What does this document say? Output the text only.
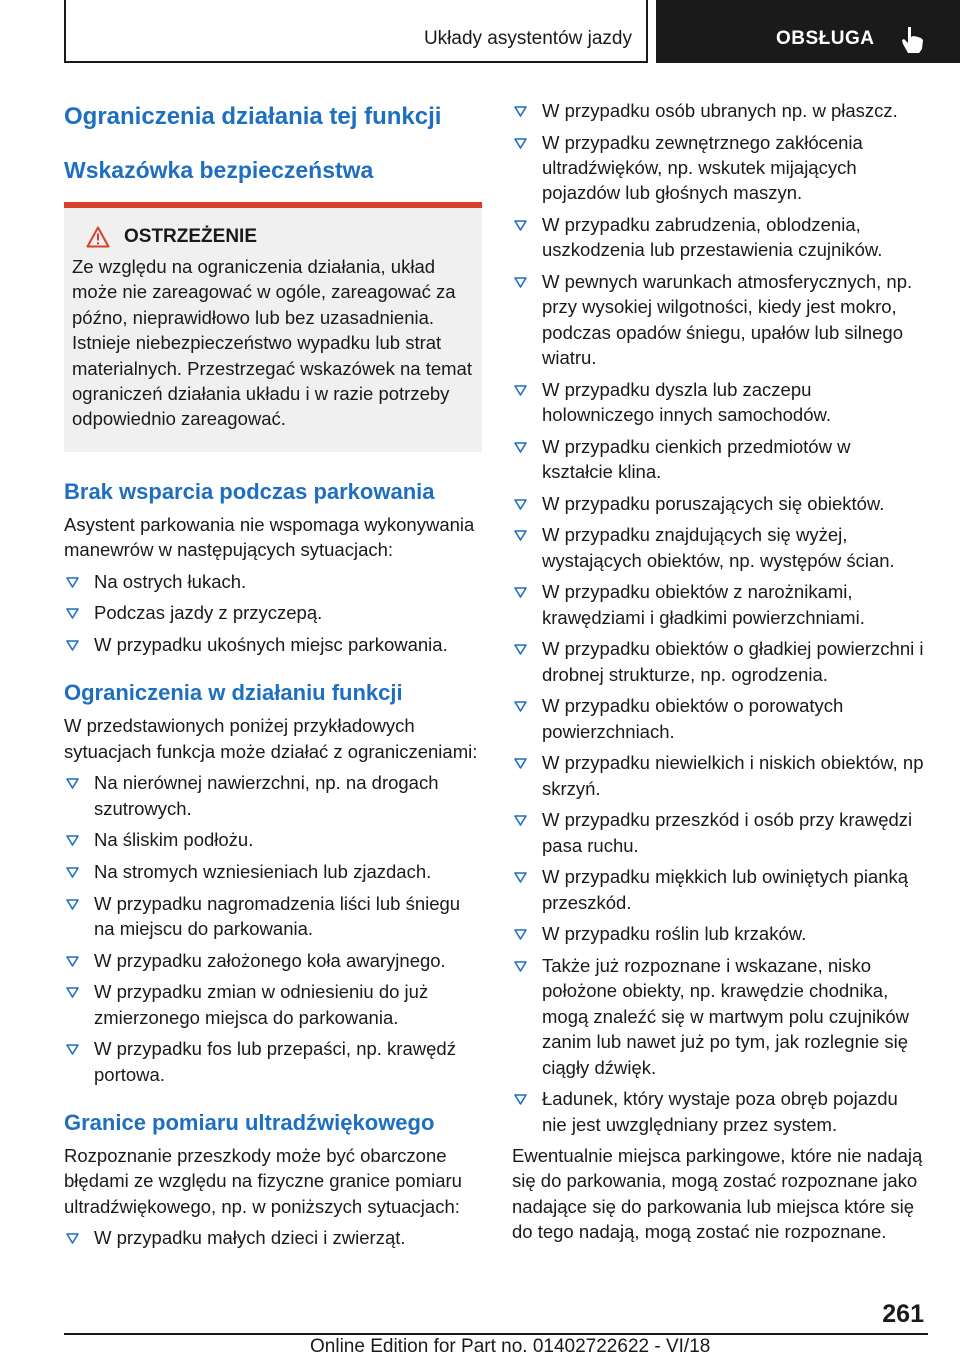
Układy asystentów jazdy	OBSŁUGA
Ograniczenia działania tej funkcji
Wskazówka bezpieczeństwa
OSTRZEŻENIE
Ze względu na ograniczenia działania, układ może nie zareagować w ogóle, zareagować za późno, nieprawidłowo lub bez uzasadnienia. Istnieje niebezpieczeństwo wypadku lub strat materialnych. Przestrzegać wskazówek na temat ograniczeń działania układu i w razie potrzeby odpowiednio zareagować.
Brak wsparcia podczas parkowania

Asystent parkowania nie wspomaga wykonywania manewrów w następujących sytuacjach:

Na ostrych łukach.
Podczas jazdy z przyczepą.
W przypadku ukośnych miejsc parkowania.
Ograniczenia w działaniu funkcji

W przedstawionych poniżej przykładowych sytuacjach funkcja może działać z ograniczeniami:

Na nierównej nawierzchni, np. na drogach szutrowych.
Na śliskim podłożu.
Na stromych wzniesieniach lub zjazdach.
W przypadku nagromadzenia liści lub śniegu na miejscu do parkowania.
W przypadku założonego koła awaryjnego.
W przypadku zmian w odniesieniu do już zmierzonego miejsca do parkowania.
W przypadku fos lub przepaści, np. krawędź portowa.
Granice pomiaru ultradźwiękowego

Rozpoznanie przeszkody może być obarczone błędami ze względu na fizyczne granice pomiaru ultradźwiękowego, np. w poniższych sytuacjach:

W przypadku małych dzieci i zwierząt.
W przypadku osób ubranych np. w płaszcz.
W przypadku zewnętrznego zakłócenia ultradźwięków, np. wskutek mijających pojazdów lub głośnych maszyn.
W przypadku zabrudzenia, oblodzenia, uszkodzenia lub przestawienia czujników.
W pewnych warunkach atmosferycznych, np. przy wysokiej wilgotności, kiedy jest mokro, podczas opadów śniegu, upałów lub silnego wiatru.
W przypadku dyszla lub zaczepu holowniczego innych samochodów.
W przypadku cienkich przedmiotów w kształcie klina.
W przypadku poruszających się obiektów.
W przypadku znajdujących się wyżej, wystających obiektów, np. występów ścian.
W przypadku obiektów z narożnikami, krawędziami i gładkimi powierzchniami.
W przypadku obiektów o gładkiej powierzchni i drobnej strukturze, np. ogrodzenia.
W przypadku obiektów o porowatych powierzchniach.
W przypadku niewielkich i niskich obiektów, np skrzyń.
W przypadku przeszkód i osób przy krawędzi pasa ruchu.
W przypadku miękkich lub owiniętych pianką przeszkód.
W przypadku roślin lub krzaków.
Także już rozpoznane i wskazane, nisko położone obiekty, np. krawędzie chodnika, mogą znaleźć się w martwym polu czujników zanim lub nawet już po tym, jak rozlegnie się ciągły dźwięk.
Ładunek, który wystaje poza obręb pojazdu nie jest uwzględniany przez system.

Ewentualnie miejsca parkingowe, które nie nadają się do parkowania, mogą zostać rozpoznane jako nadające się do parkowania lub miejsca które się do tego nadają, mogą zostać nie rozpoznane.

261
Online Edition for Part no. 01402722622 - VI/18
